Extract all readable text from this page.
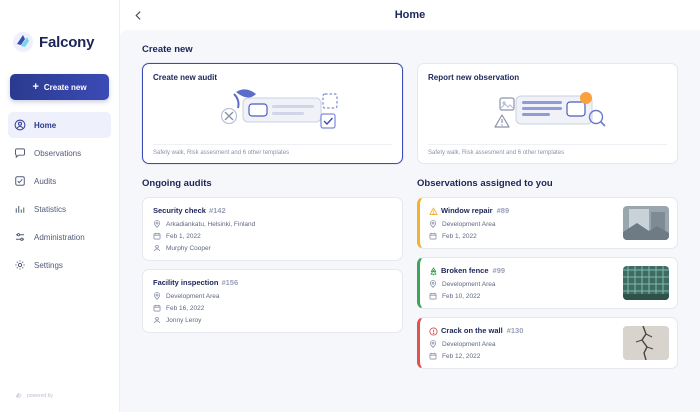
Falcony
+ Create new
Home
Observations
Audits
Statistics
Administration
Settings
powered by
Home
Create new
Create new audit
Safety walk, Risk assesment and 6 other templates
Report new observation
Safety walk, Risk assesment and 6 other templates
Ongoing audits
Security check #142
Arkadiankatu, Helsinki, Finland
Feb 1, 2022
Murphy Cooper
Facility inspection #156
Development Area
Feb 16, 2022
Jonny Leroy
Observations assigned to you
Window repair #89
Development Area
Feb 1, 2022
Broken fence #99
Development Area
Feb 10, 2022
Crack on the wall #130
Development Area
Feb 12, 2022
